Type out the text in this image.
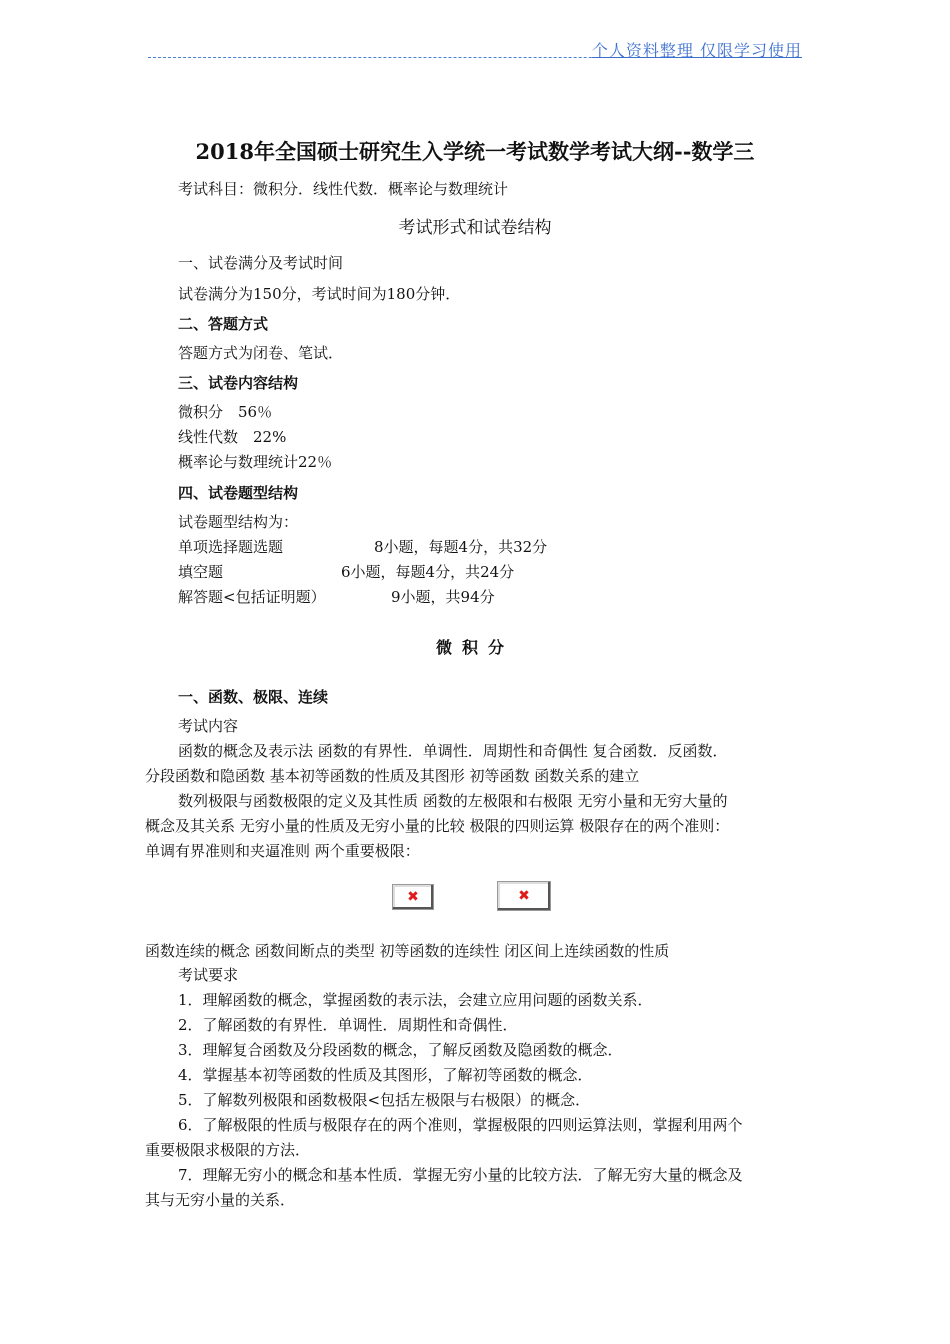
个人资料整理 仅限学习使用
2018年全国硕士研究生入学统一考试数学考试大纲--数学三
考试科目：微积分．线性代数．概率论与数理统计
考试形式和试卷结构
一、试卷满分及考试时间
试卷满分为150分，考试时间为180分钟．
二、答题方式
答题方式为闭卷、笔试．
三、试卷内容结构
微积分　56％
线性代数　22%
概率论与数理统计22％
四、试卷题型结构
试卷题型结构为：
单项选择题选题	8小题，每题4分，共32分
填空题	6小题，每题4分，共24分
解答题<包括证明题）	9小题，共94分
微积分
一、函数、极限、连续
考试内容
函数的概念及表示法 函数的有界性．单调性．周期性和奇偶性 复合函数．反函数．
分段函数和隐函数 基本初等函数的性质及其图形 初等函数 函数关系的建立
数列极限与函数极限的定义及其性质 函数的左极限和右极限 无穷小量和无穷大量的
概念及其关系 无穷小量的性质及无穷小量的比较 极限的四则运算 极限存在的两个准则：
单调有界准则和夹逼准则 两个重要极限：
✖	✖
函数连续的概念 函数间断点的类型 初等函数的连续性 闭区间上连续函数的性质
考试要求
1．理解函数的概念，掌握函数的表示法，会建立应用问题的函数关系．
2．了解函数的有界性．单调性．周期性和奇偶性．
3．理解复合函数及分段函数的概念，了解反函数及隐函数的概念．
4．掌握基本初等函数的性质及其图形，了解初等函数的概念．
5．了解数列极限和函数极限<包括左极限与右极限）的概念．
6．了解极限的性质与极限存在的两个准则，掌握极限的四则运算法则，掌握利用两个
重要极限求极限的方法．
7．理解无穷小的概念和基本性质．掌握无穷小量的比较方法．了解无穷大量的概念及
其与无穷小量的关系．
